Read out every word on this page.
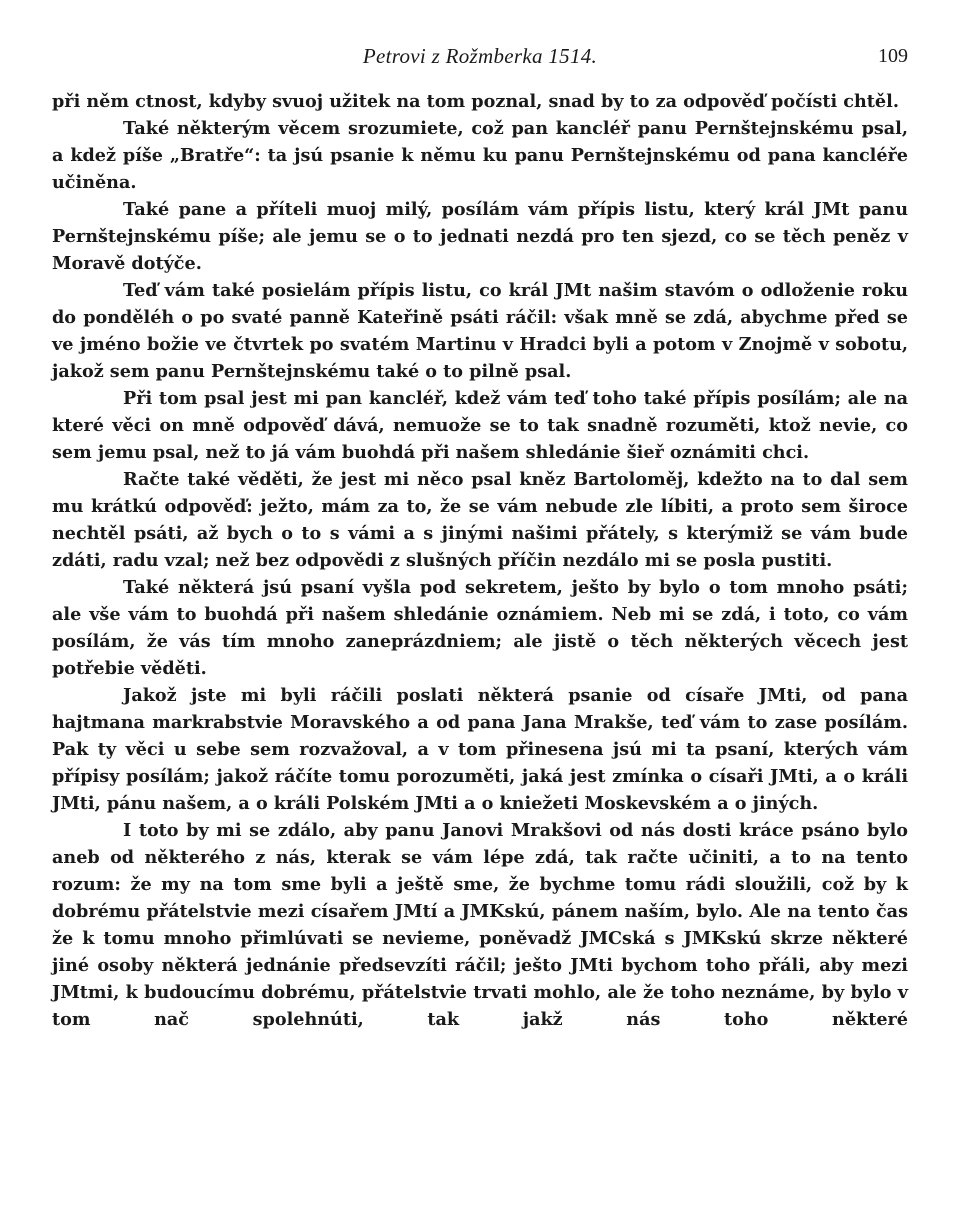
Petrovi z Rožmberka 1514.	109

při něm ctnost, kdyby svuoj užitek na tom poznal, snad by to za odpověď počísti chtěl.

Také některým věcem srozumiete, což pan kancléř panu Pernštejnskému psal, a kdež píše „Bratře“: ta jsú psanie k němu ku panu Pernštejnskému od pana kancléře učiněna.

Také pane a příteli muoj milý, posílám vám přípis listu, který král JMt panu Pernštejnskému píše; ale jemu se o to jednati nezdá pro ten sjezd, co se těch peněz v Moravě dotýče.

Teď vám také posielám přípis listu, co král JMt našim stavóm o odloženie roku do ponděléh o po svaté panně Kateřině psáti ráčil: však mně se zdá, abychme před se ve jméno božie ve čtvrtek po svatém Martinu v Hradci byli a potom v Znojmě v sobotu, jakož sem panu Pernštejnskému také o to pilně psal.

Při tom psal jest mi pan kancléř, kdež vám teď toho také přípis posílám; ale na které věci on mně odpověď dává, nemuože se to tak snadně rozuměti, ktož nevie, co sem jemu psal, než to já vám buohdá při našem shledánie šieř oznámiti chci.

Račte také věděti, že jest mi něco psal kněz Bartoloměj, kdežto na to dal sem mu krátkú odpověď: ježto, mám za to, že se vám nebude zle líbiti, a proto sem široce nechtěl psáti, až bych o to s vámi a s jinými našimi přátely, s kterýmiž se vám bude zdáti, radu vzal; než bez odpovědi z slušných příčin nezdálo mi se posla pustiti.

Také některá jsú psaní vyšla pod sekretem, ješto by bylo o tom mnoho psáti; ale vše vám to buohdá při našem shledánie oznámiem. Neb mi se zdá, i toto, co vám posílám, že vás tím mnoho zaneprázdniem; ale jistě o těch některých věcech jest potřebie věděti.

Jakož jste mi byli ráčili poslati některá psanie od císaře JMti, od pana hajtmana markrabstvie Moravského a od pana Jana Mrakše, teď vám to zase posílám. Pak ty věci u sebe sem rozvažoval, a v tom přinesena jsú mi ta psaní, kterých vám přípisy posílám; jakož ráčíte tomu porozuměti, jaká jest zmínka o císaři JMti, a o králi JMti, pánu našem, a o králi Polském JMti a o kniežeti Moskevském a o jiných.

I toto by mi se zdálo, aby panu Janovi Mrakšovi od nás dosti kráce psáno bylo aneb od některého z nás, kterak se vám lépe zdá, tak račte učiniti, a to na tento rozum: že my na tom sme byli a ještě sme, že bychme tomu rádi sloužili, což by k dobrému přátelstvie mezi císařem JMtí a JMKskú, pánem naším, bylo. Ale na tento čas že k tomu mnoho přimlúvati se nevieme, poněvadž JMCská s JMKskú skrze některé jiné osoby některá jednánie předsevzíti ráčil; ješto JMti bychom toho přáli, aby mezi JMtmi, k budoucímu dobrému, přátelstvie trvati mohlo, ale že toho neznáme, by bylo v tom nač spolehnúti, tak jakž nás toho některé
